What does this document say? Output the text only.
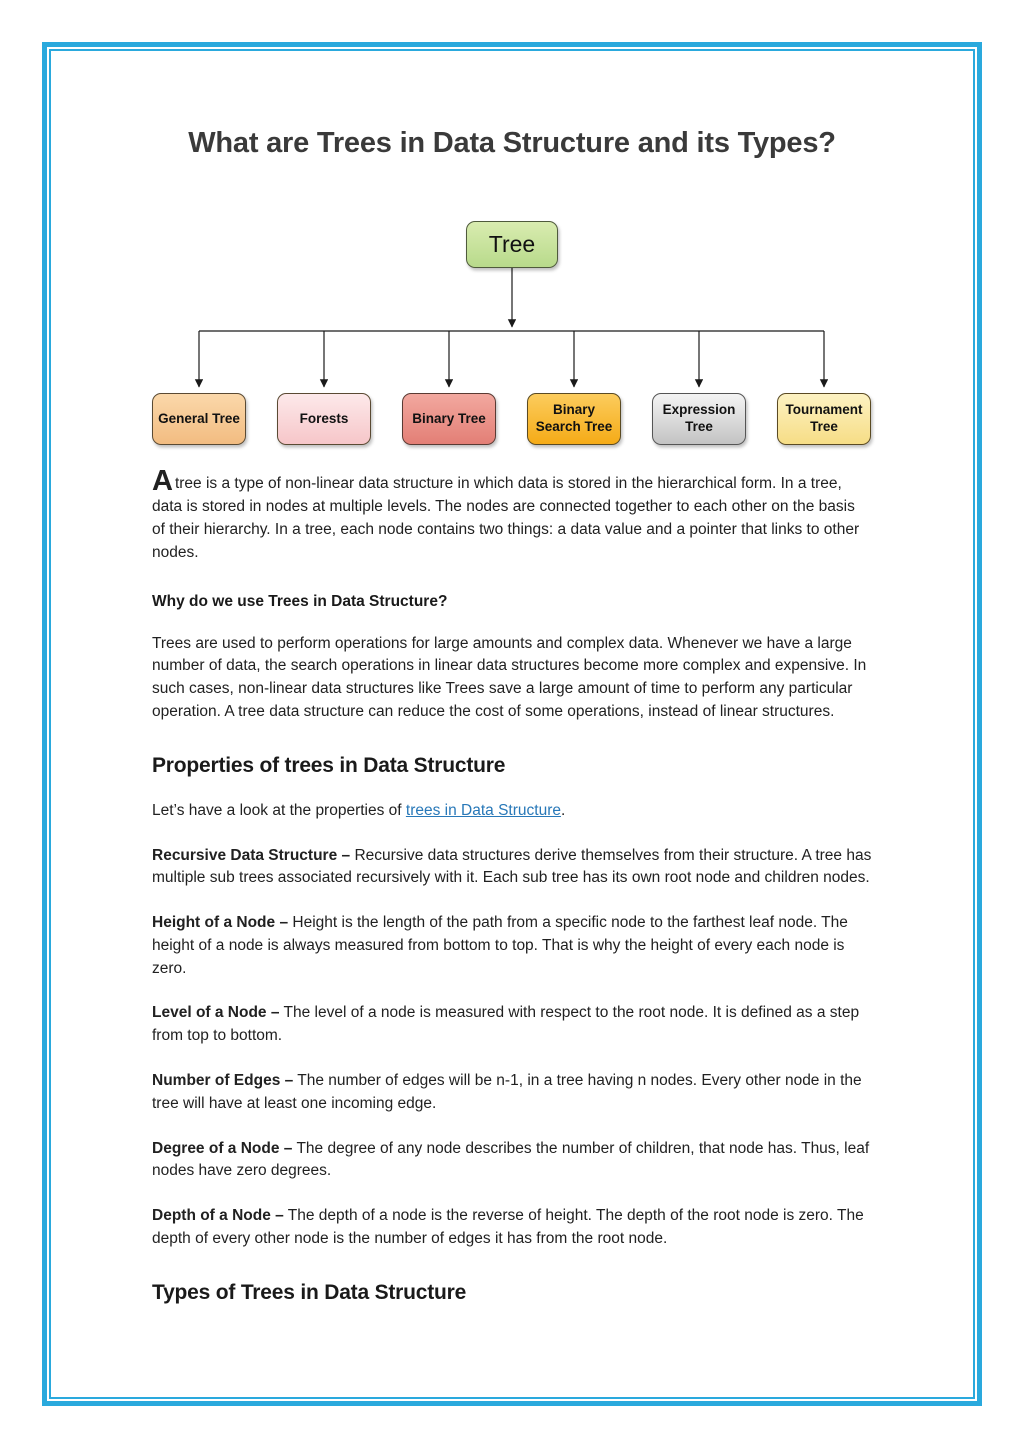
What are Trees in Data Structure and its Types?
Tree
General Tree	Forests	Binary Tree
Binary Search Tree
Expression Tree
Tournament Tree

Atree is a type of non-linear data structure in which data is stored in the hierarchical form. In a tree, data is stored in nodes at multiple levels. The nodes are connected together to each other on the basis of their hierarchy. In a tree, each node contains two things: a data value and a pointer that links to other nodes.

Why do we use Trees in Data Structure?

Trees are used to perform operations for large amounts and complex data. Whenever we have a large number of data, the search operations in linear data structures become more complex and expensive. In such cases, non-linear data structures like Trees save a large amount of time to perform any particular operation. A tree data structure can reduce the cost of some operations, instead of linear structures.

Properties of trees in Data Structure

Let’s have a look at the properties of trees in Data Structure.

Recursive Data Structure – Recursive data structures derive themselves from their structure. A tree has multiple sub trees associated recursively with it. Each sub tree has its own root node and children nodes.

Height of a Node – Height is the length of the path from a specific node to the farthest leaf node. The height of a node is always measured from bottom to top. That is why the height of every each node is zero.

Level of a Node – The level of a node is measured with respect to the root node. It is defined as a step from top to bottom.

Number of Edges – The number of edges will be n-1, in a tree having n nodes. Every other node in the tree will have at least one incoming edge.

Degree of a Node – The degree of any node describes the number of children, that node has. Thus, leaf nodes have zero degrees.

Depth of a Node – The depth of a node is the reverse of height. The depth of the root node is zero. The depth of every other node is the number of edges it has from the root node.

Types of Trees in Data Structure
